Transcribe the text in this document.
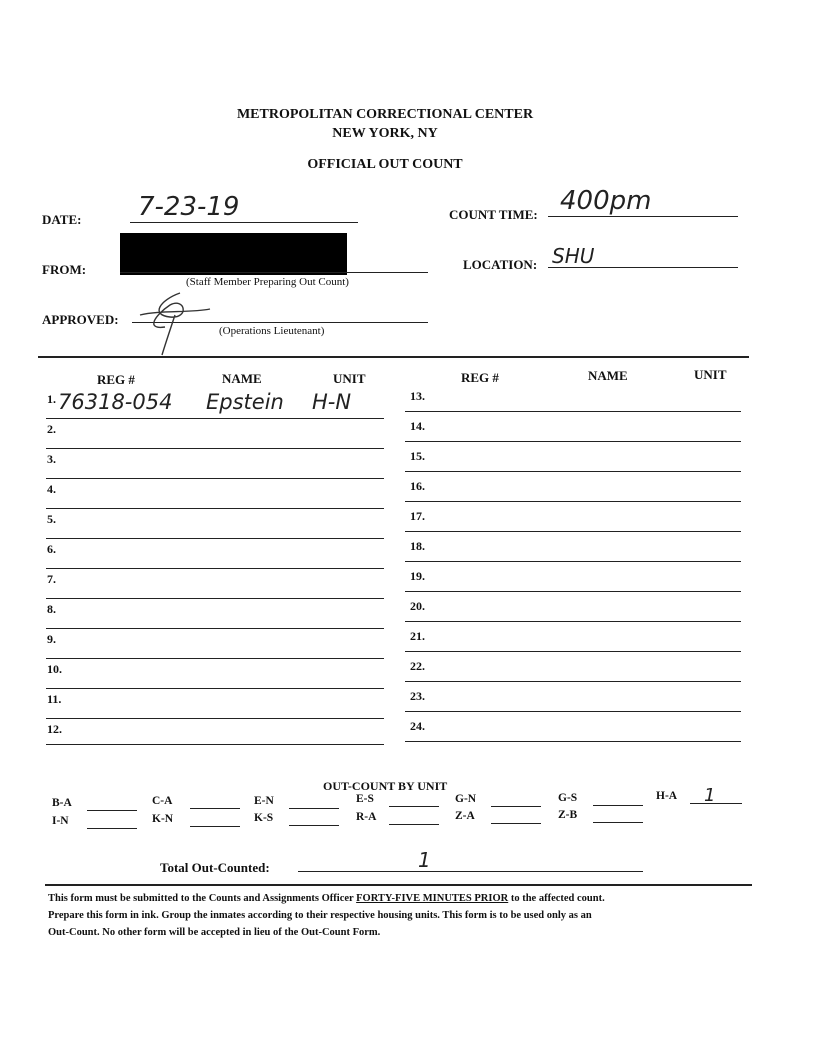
METROPOLITAN CORRECTIONAL CENTER
NEW YORK, NY
OFFICIAL OUT COUNT
DATE: 7-23-19	COUNT TIME: 400pm
FROM:
(Staff Member Preparing Out Count)
LOCATION: SHU
APPROVED:
(Operations Lieutenant)
REG #	NAME	UNIT	REG #	NAME	UNIT
1. 76318-054 Epstein H-N
2.
3.
4.
5.
6.
7.
8.
9.
10.
11.
12.
13.
14.
15.
16.
17.
18.
19.
20.
21.
22.
23.
24.
OUT-COUNT BY UNIT
B-A	C-A	E-N	E-S	G-N	G-S	H-A 1
I-N	K-N	K-S	R-A	Z-A	Z-B
Total Out-Counted:	1
This form must be submitted to the Counts and Assignments Officer FORTY-FIVE MINUTES PRIOR to the affected count.
Prepare this form in ink. Group the inmates according to their respective housing units. This form is to be used only as an
Out-Count. No other form will be accepted in lieu of the Out-Count Form.
